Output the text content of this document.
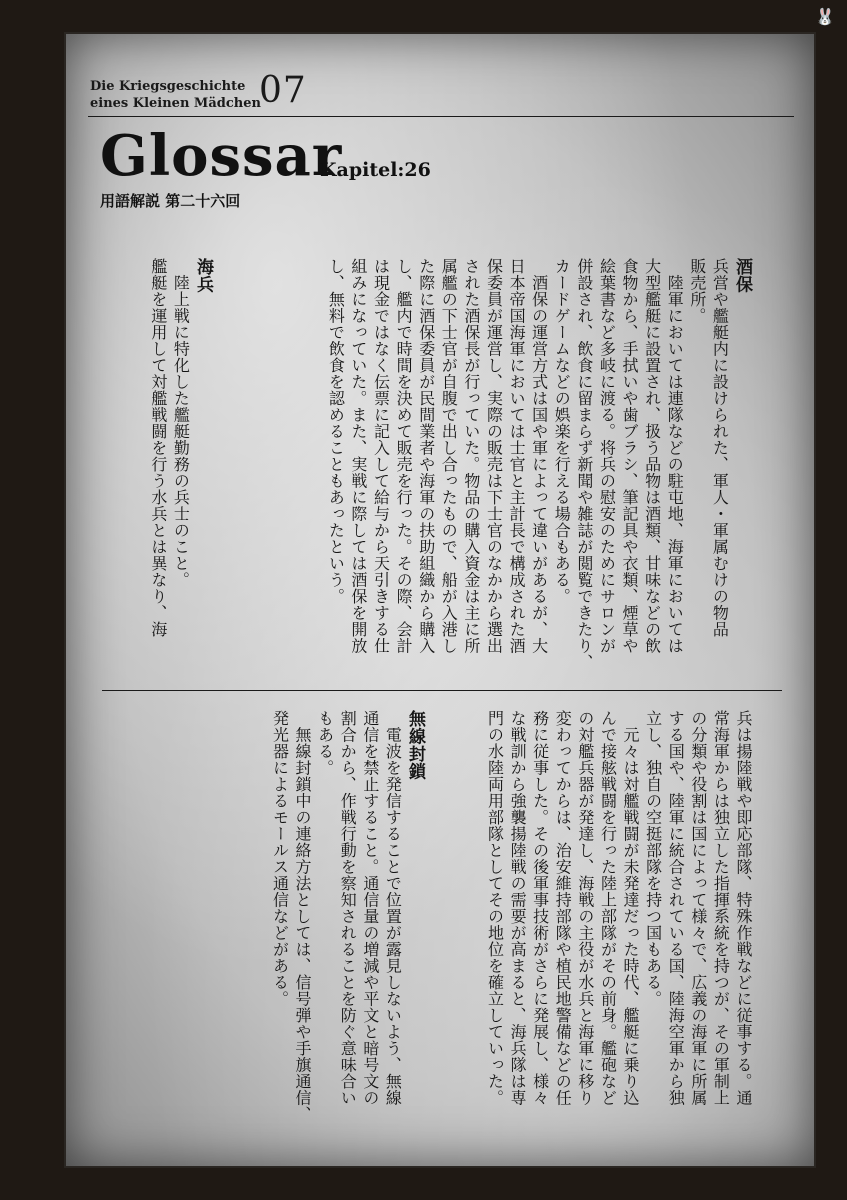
🐰
Die Kriegsgeschichte
eines Kleinen Mädchen
07
Glossar
Kapitel:26
用語解説 第二十六回

酒保

兵営や艦艇内に設けられた、軍人・軍属むけの物品

販売所。

　陸軍においては連隊などの駐屯地、海軍においては

大型艦艇に設置され、扱う品物は酒類、甘味などの飲

食物から、手拭いや歯ブラシ、筆記具や衣類、煙草や

絵葉書など多岐に渡る。将兵の慰安のためにサロンが

併設され、飲食に留まらず新聞や雑誌が閲覧できたり、

カードゲームなどの娯楽を行える場合もある。

　酒保の運営方式は国や軍によって違いがあるが、大

日本帝国海軍においては士官と主計長で構成された酒

保委員が運営し、実際の販売は下士官のなかから選出

された酒保長が行っていた。物品の購入資金は主に所

属艦の下士官が自腹で出し合ったもので、船が入港し

た際に酒保委員が民間業者や海軍の扶助組織から購入

し、艦内で時間を決めて販売を行った。その際、会計

は現金ではなく伝票に記入して給与から天引きする仕

組みになっていた。また、実戦に際しては酒保を開放

し、無料で飲食を認めることもあったという。

海兵

　陸上戦に特化した艦艇勤務の兵士のこと。

艦艇を運用して対艦戦闘を行う水兵とは異なり、海

兵は揚陸戦や即応部隊、特殊作戦などに従事する。通

常海軍からは独立した指揮系統を持つが、その軍制上

の分類や役割は国によって様々で、広義の海軍に所属

する国や、陸軍に統合されている国、陸海空軍から独

立し、独自の空挺部隊を持つ国もある。

　元々は対艦戦闘が未発達だった時代、艦艇に乗り込

んで接舷戦闘を行った陸上部隊がその前身。艦砲など

の対艦兵器が発達し、海戦の主役が水兵と海軍に移り

変わってからは、治安維持部隊や植民地警備などの任

務に従事した。その後軍事技術がさらに発展し、様々

な戦訓から強襲揚陸戦の需要が高まると、海兵隊は専

門の水陸両用部隊としてその地位を確立していった。

無線封鎖

　電波を発信することで位置が露見しないよう、無線

通信を禁止すること。通信量の増減や平文と暗号文の

割合から、作戦行動を察知されることを防ぐ意味合い

もある。

　無線封鎖中の連絡方法としては、信号弾や手旗通信、

発光器によるモールス通信などがある。
